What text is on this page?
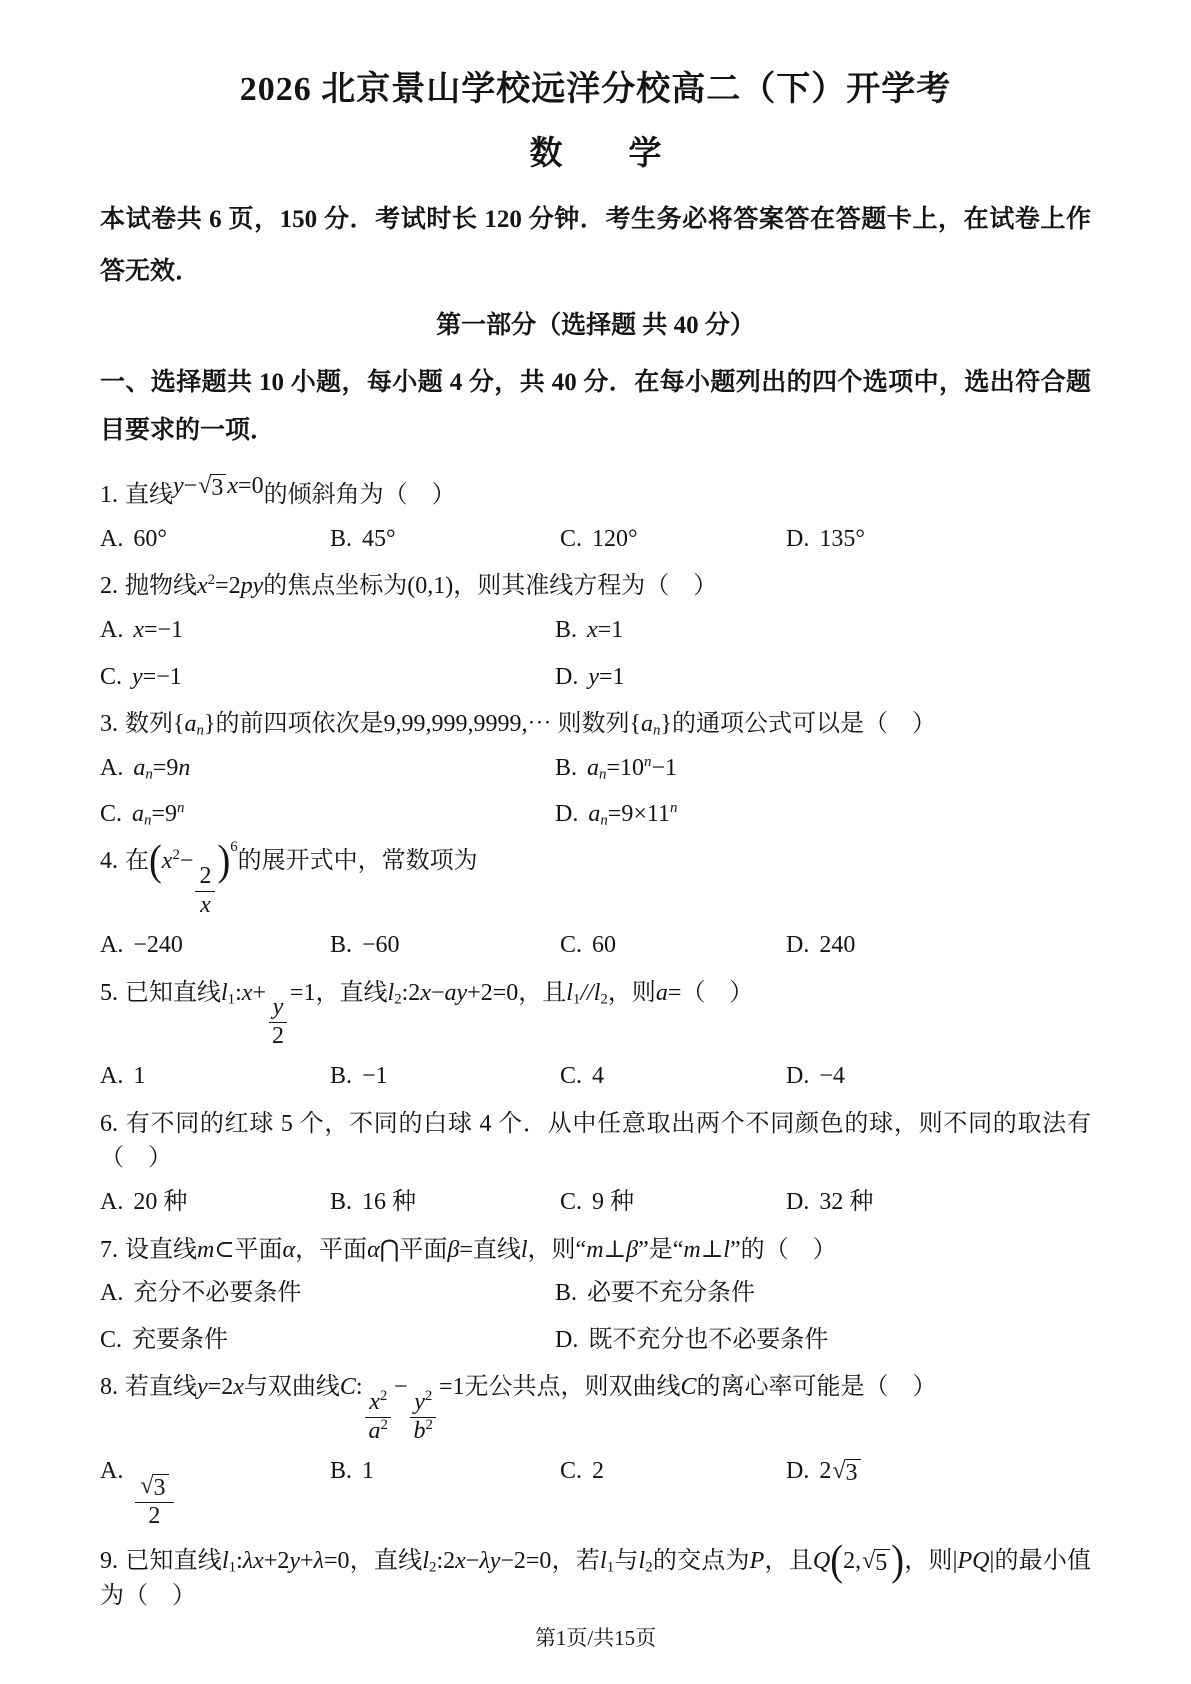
2026 北京景山学校远洋分校高二（下）开学考
数　　学

本试卷共 6 页，150 分．考试时长 120 分钟．考生务必将答案答在答题卡上，在试卷上作答无效．

第一部分（选择题 共 40 分）

一、选择题共 10 小题，每小题 4 分，共 40 分．在每小题列出的四个选项中，选出符合题目要求的一项．

1. 直线y− √ 3 x=0的倾斜角为（　）

A. 60°	B. 45°	C. 120°	D. 135°

2. 抛物线$x^2=2py$的焦点坐标为(0,1)，则其准线方程为（　）

A. x=−1	B. x=1
C. y=−1	D. y=1

3. 数列{an}的前四项依次是9,99,999,9999,⋯ 则数列{an}的通项公式可以是（　）

A. an=9n	B. $an=10^n-1$
C. $an=9^n$	D. $an=9\times 11^n$

4. 在($x^2-$
$\frac{2}{x}$
)$^6$的展开式中，常数项为

A. −240	B. −60	C. 60	D. 240

5. 已知直线l1:x+
$\frac{y}{2}$
=1，直线l2:2x−ay+2=0，且l1//l2，则a=（　）

A. 1	B. −1	C. 4	D. −4

6. 有不同的红球 5 个，不同的白球 4 个．从中任意取出两个不同颜色的球，则不同的取法有（　）

A. 20 种	B. 16 种	C. 9 种	D. 32 种

7. 设直线m⊂平面α，平面α⋂平面β=直线l，则“m⊥β”是“m⊥l”的（　）

A. 充分不必要条件	B. 必要不充分条件
C. 充要条件	D. 既不充分也不必要条件

8. 若直线y=2x与双曲线C:
$\frac{x^2}{a^2}$
−
$\frac{y^2}{b^2}$
=1无公共点，则双曲线C的离心率可能是（　）

A.
$\frac{√ 3}{2}$
B. 1	C. 2	D. 2 √ 3

9. 已知直线l1:λx+2y+λ=0，直线l2:2x−λy−2=0，若l1与l2的交点为P，且Q(2, √ 5 )，则|PQ|的最小值为（　）

第1页/共15页
